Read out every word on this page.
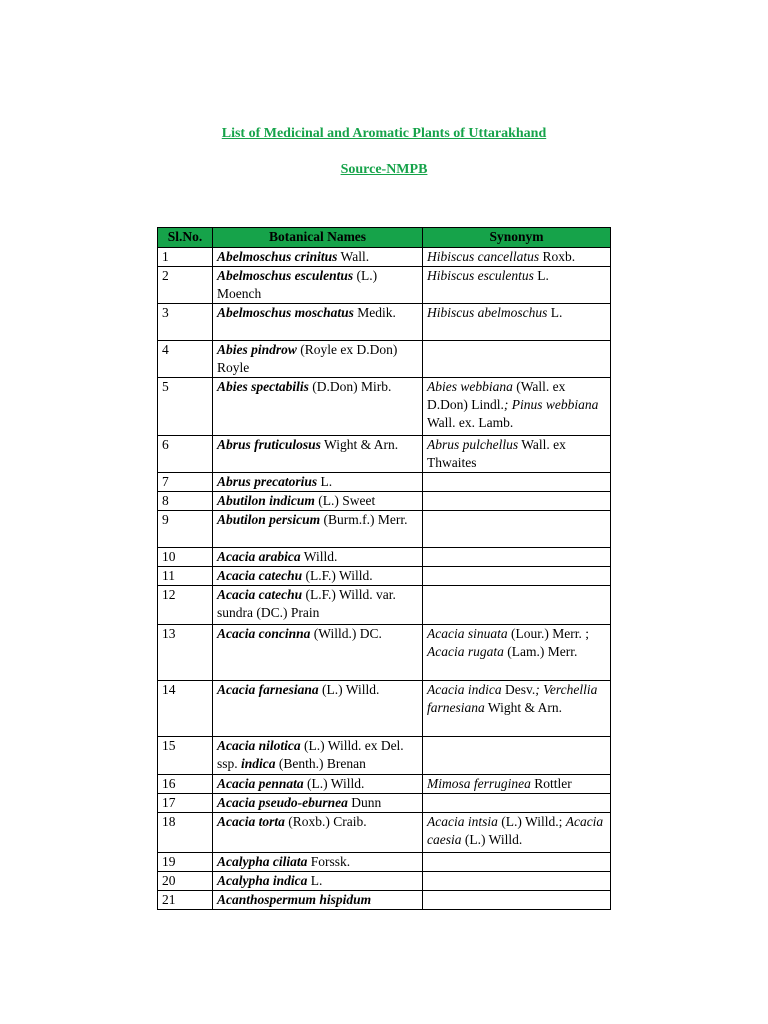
List of Medicinal and Aromatic Plants of Uttarakhand

Source-NMPB

Sl.No.	Botanical Names	Synonym
1	Abelmoschus crinitus Wall.	Hibiscus cancellatus Roxb.
2	Abelmoschus esculentus (L.) Moench	Hibiscus esculentus L.
3	Abelmoschus moschatus Medik.	Hibiscus abelmoschus L.
4	Abies pindrow (Royle ex D.Don) Royle	
5	Abies spectabilis (D.Don) Mirb.	Abies webbiana (Wall. ex D.Don) Lindl.; Pinus webbiana Wall. ex. Lamb.
6	Abrus fruticulosus Wight & Arn.	Abrus pulchellus Wall. ex Thwaites
7	Abrus precatorius L.	
8	Abutilon indicum (L.) Sweet	
9	Abutilon persicum (Burm.f.) Merr.	
10	Acacia arabica Willd.	
11	Acacia catechu (L.F.) Willd.	
12	Acacia catechu (L.F.) Willd. var. sundra (DC.) Prain	
13	Acacia concinna (Willd.) DC.	Acacia sinuata (Lour.) Merr. ; Acacia rugata (Lam.) Merr.
14	Acacia farnesiana (L.) Willd.	Acacia indica Desv.; Verchellia farnesiana Wight & Arn.
15	Acacia nilotica (L.) Willd. ex Del. ssp. indica (Benth.) Brenan	
16	Acacia pennata (L.) Willd.	Mimosa ferruginea Rottler
17	Acacia pseudo-eburnea Dunn	
18	Acacia torta (Roxb.) Craib.	Acacia intsia (L.) Willd.; Acacia caesia (L.) Willd.
19	Acalypha ciliata Forssk.	
20	Acalypha indica L.	
21	Acanthospermum hispidum	
